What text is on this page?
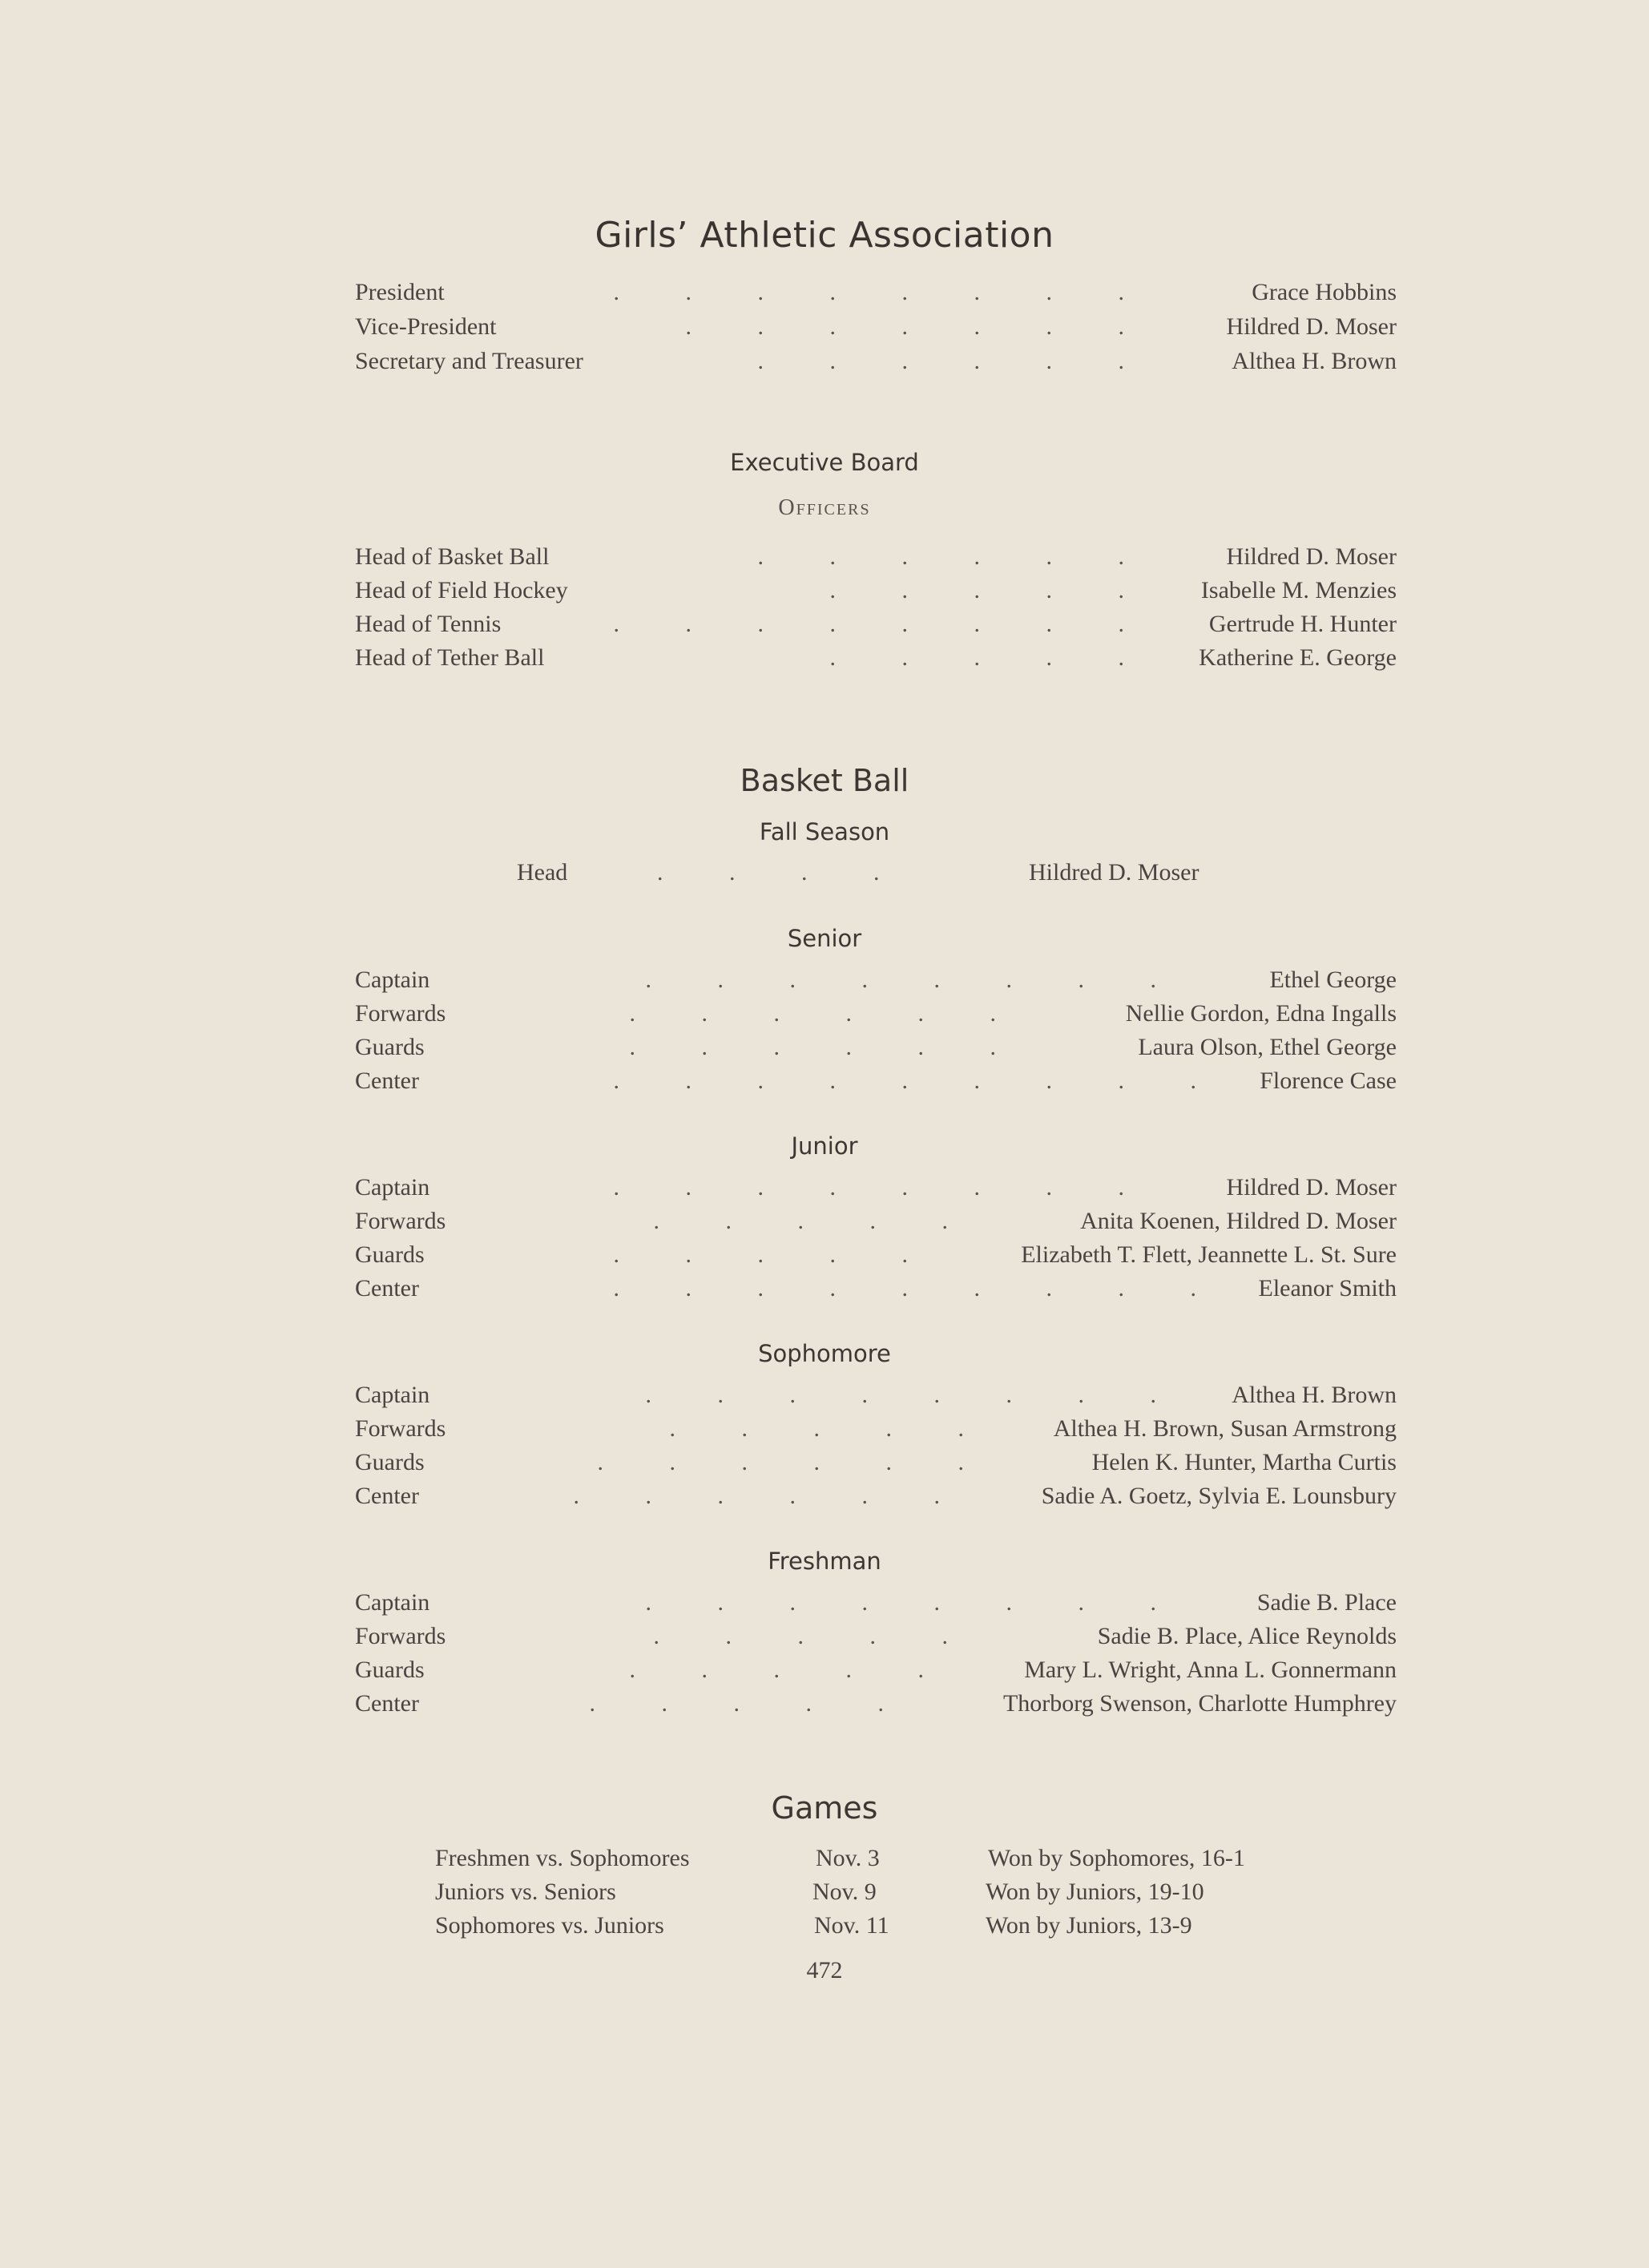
Girls’ Athletic Association
President	.           .           .           .           .           .           .           .	Grace Hobbins
Vice-President	.           .           .           .           .           .           .	Hildred D. Moser
Secretary and Treasurer	.           .           .           .           .           .	Althea H. Brown
Executive Board
Officers
Head of Basket Ball	.           .           .           .           .           .	Hildred D. Moser
Head of Field Hockey	.           .           .           .           .	Isabelle M. Menzies
Head of Tennis	.           .           .           .           .           .           .           .	Gertrude H. Hunter
Head of Tether Ball	.           .           .           .           .	Katherine E. George
Basket Ball
Fall Season
Head	.           .           .           .	Hildred D. Moser
Senior
Captain	.           .           .           .           .           .           .           .	Ethel George
Forwards	.           .           .           .           .           .	Nellie Gordon, Edna Ingalls
Guards	.           .           .           .           .           .	Laura Olson, Ethel George
Center	.           .           .           .           .           .           .           .           .	Florence Case
Junior
Captain	.           .           .           .           .           .           .           .	Hildred D. Moser
Forwards	.           .           .           .           .	Anita Koenen, Hildred D. Moser
Guards	.           .           .           .           .	Elizabeth T. Flett, Jeannette L. St. Sure
Center	.           .           .           .           .           .           .           .           .	Eleanor Smith
Sophomore
Captain	.           .           .           .           .           .           .           .	Althea H. Brown
Forwards	.           .           .           .           .	Althea H. Brown, Susan Armstrong
Guards	.           .           .           .           .           .	Helen K. Hunter, Martha Curtis
Center	.           .           .           .           .           .	Sadie A. Goetz, Sylvia E. Lounsbury
Freshman
Captain	.           .           .           .           .           .           .           .	Sadie B. Place
Forwards	.           .           .           .           .	Sadie B. Place, Alice Reynolds
Guards	.           .           .           .           .	Mary L. Wright, Anna L. Gonnermann
Center	.           .           .           .           .	Thorborg Swenson, Charlotte Humphrey
Games
Freshmen vs. Sophomores	Nov. 3	Won by Sophomores, 16-1
Juniors vs. Seniors	Nov. 9	Won by Juniors, 19-10
Sophomores vs. Juniors	Nov. 11	Won by Juniors, 13-9
472
